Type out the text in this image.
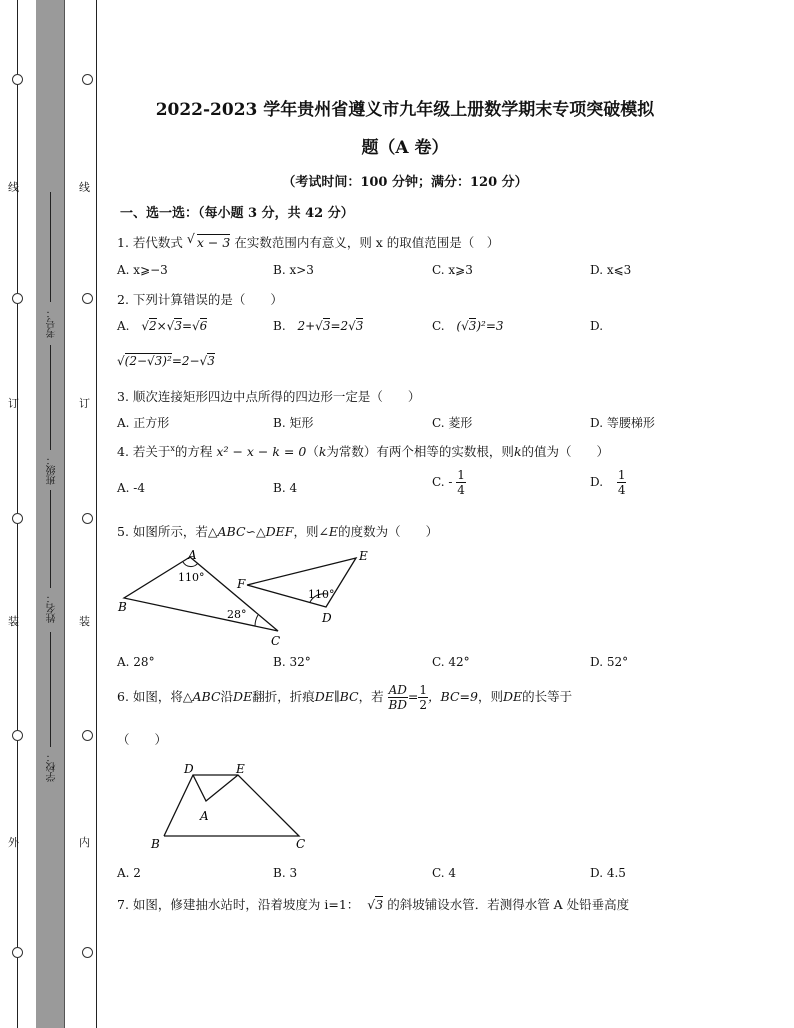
线
订
装
外
线
订
装
内
考号：
班级：
姓名：
学校：
2022-2023 学年贵州省遵义市九年级上册数学期末专项突破模拟
题（A 卷）
（考试时间：100 分钟；满分：120 分）
一、选一选：（每小题 3 分，共 42 分）
1. 若代数式 √ x − 3 在实数范围内有意义，则 x 的取值范围是（　）
A. x⩾−3	B. x>3	C. x⩾3	D. x⩽3
2. 下列计算错误的是（　　）
A. √2×√3=√6	B. 2+√3=2√3	C. (√3)²=3	D.
√(2−√3)²=2−√3
3. 顺次连接矩形四边中点所得的四边形一定是（　　）
A. 正方形	B. 矩形	C. 菱形	D. 等腰梯形
4. 若关于$^x$的方程 x² − x − k = 0（k为常数）有两个相等的实数根，则k的值为（　　）
A. -4	B. 4	C. - $\frac{1}{4}$	D. $\frac{1}{4}$
5. 如图所示，若△ABC∽△DEF，则∠E的度数为（　　）
A
B
C
D
E
F
110°
28°
110°
A. 28°	B. 32°	C. 42°	D. 52°
6. 如图，将△ABC沿DE翻折，折痕DE∥BC，若 $\frac{AD}{BD} = \frac{1}{2}$ ，BC=9，则DE的长等于
（　　）
D	E
A
B	C
A. 2	B. 3	C. 4	D. 4.5
7. 如图，修建抽水站时，沿着坡度为 i=1： √3 的斜坡铺设水管．若测得水管 A 处铅垂高度
